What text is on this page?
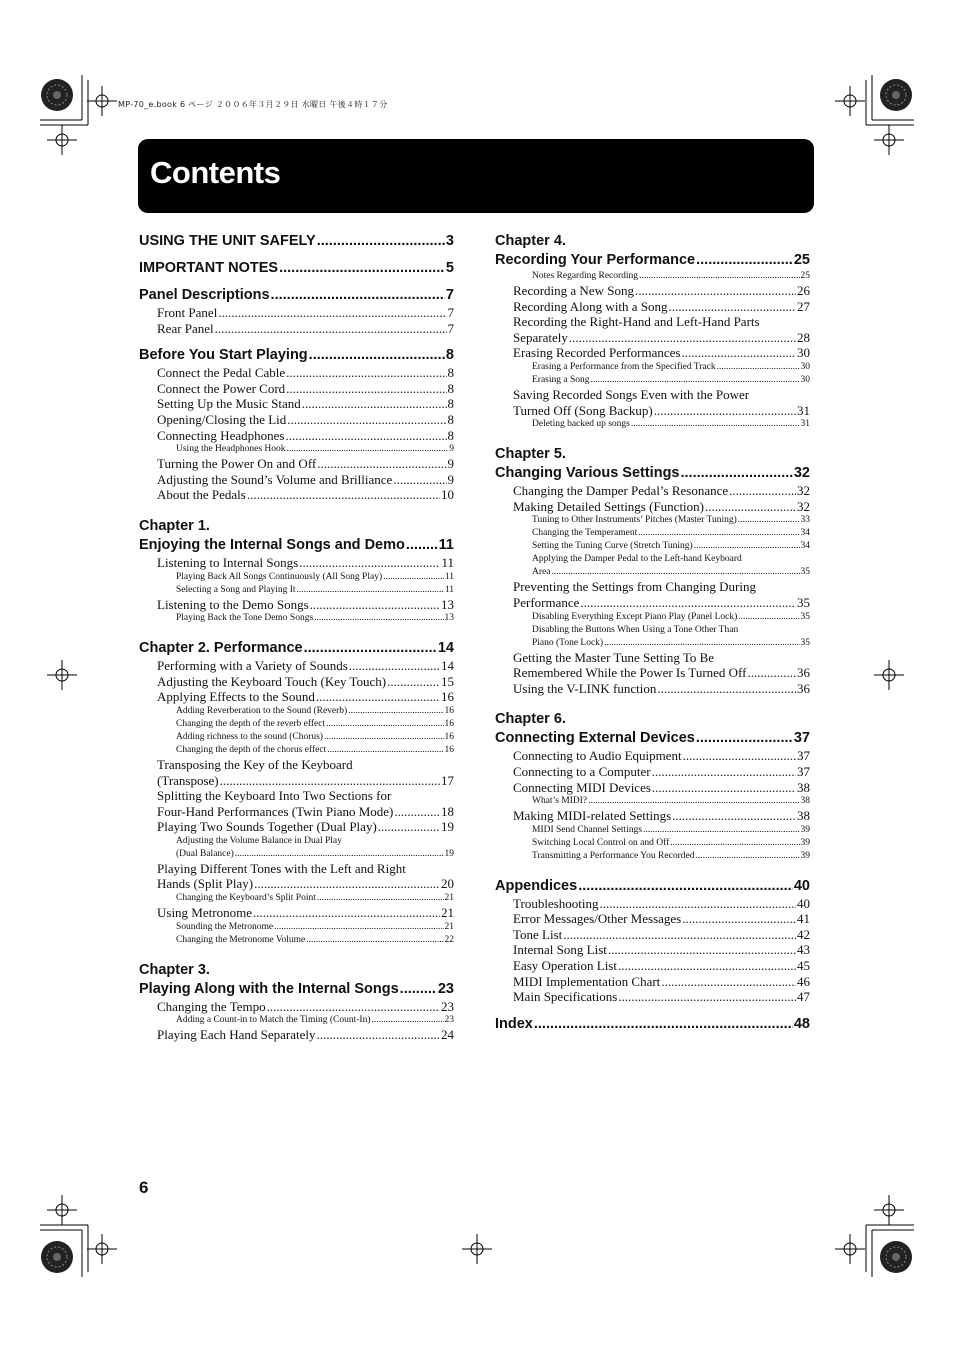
MP-70_e.book 6 ページ ２００６年３月２９日 水曜日 午後４時１７分
Contents
USING THE UNIT SAFELY .....	3
IMPORTANT NOTES .....	5
Panel Descriptions .....	7
Front Panel .....	7
Rear Panel .....	7
Before You Start Playing .....	8
Connect the Pedal Cable .....	8
Connect the Power Cord .....	8
Setting Up the Music Stand .....	8
Opening/Closing the Lid .....	8
Connecting Headphones .....	8
Using the Headphones Hook .....	9
Turning the Power On and Off .....	9
Adjusting the Sound’s Volume and Brilliance .....	9
About the Pedals .....	10
Chapter 1.
Enjoying the Internal Songs and Demo ..... 11
Listening to Internal Songs .....	11
Playing Back All Songs Continuously (All Song Play) .....	11
Selecting a Song and Playing It .....	11
Listening to the Demo Songs .....	13
Playing Back the Tone Demo Songs .....	13
Chapter 2. Performance .....	14
Performing with a Variety of Sounds .....	14
Adjusting the Keyboard Touch (Key Touch) .....	15
Applying Effects to the Sound .....	16
Adding Reverberation to the Sound (Reverb) .....	16
Changing the depth of the reverb effect .....	16
Adding richness to the sound (Chorus) .....	16
Changing the depth of the chorus effect .....	16
Transposing the Key of the Keyboard
(Transpose) .....	17
Splitting the Keyboard Into Two Sections for
Four-Hand Performances (Twin Piano Mode) .....	18
Playing Two Sounds Together (Dual Play) .....	19
Adjusting the Volume Balance in Dual Play
(Dual Balance) .....	19
Playing Different Tones with the Left and Right
Hands (Split Play) .....	20
Changing the Keyboard’s Split Point .....	21
Using Metronome .....	21
Sounding the Metronome .....	21
Changing the Metronome Volume .....	22
Chapter 3.
Playing Along with the Internal Songs .....	23
Changing the Tempo .....	23
Adding a Count-in to Match the Timing (Count-In) .....	23
Playing Each Hand Separately .....	24
Chapter 4.
Recording Your Performance .....	25
Notes Regarding Recording .....	25
Recording a New Song .....	26
Recording Along with a Song .....	27
Recording the Right-Hand and Left-Hand Parts
Separately .....	28
Erasing Recorded Performances .....	30
Erasing a Performance from the Specified Track .....	30
Erasing a Song .....	30
Saving Recorded Songs Even with the Power
Turned Off (Song Backup) .....	31
Deleting backed up songs .....	31
Chapter 5.
Changing Various Settings .....	32
Changing the Damper Pedal’s Resonance .....	32
Making Detailed Settings (Function) .....	32
Tuning to Other Instruments’ Pitches (Master Tuning) .....	33
Changing the Temperament .....	34
Setting the Tuning Curve (Stretch Tuning) .....	34
Applying the Damper Pedal to the Left-hand Keyboard
Area .....	35
Preventing the Settings from Changing During
Performance .....	35
Disabling Everything Except Piano Play (Panel Lock) .....	35
Disabling the Buttons When Using a Tone Other Than
Piano (Tone Lock) .....	35
Getting the Master Tune Setting To Be
Remembered While the Power Is Turned Off .....	36
Using the V-LINK function .....	36
Chapter 6.
Connecting External Devices .....	37
Connecting to Audio Equipment .....	37
Connecting to a Computer .....	37
Connecting MIDI Devices .....	38
What’s MIDI? .....	38
Making MIDI-related Settings .....	38
MIDI Send Channel Settings .....	39
Switching Local Control on and Off .....	39
Transmitting a Performance You Recorded .....	39
Appendices .....	40
Troubleshooting .....	40
Error Messages/Other Messages .....	41
Tone List .....	42
Internal Song List .....	43
Easy Operation List .....	45
MIDI Implementation Chart .....	46
Main Specifications .....	47
Index .....	48
6
